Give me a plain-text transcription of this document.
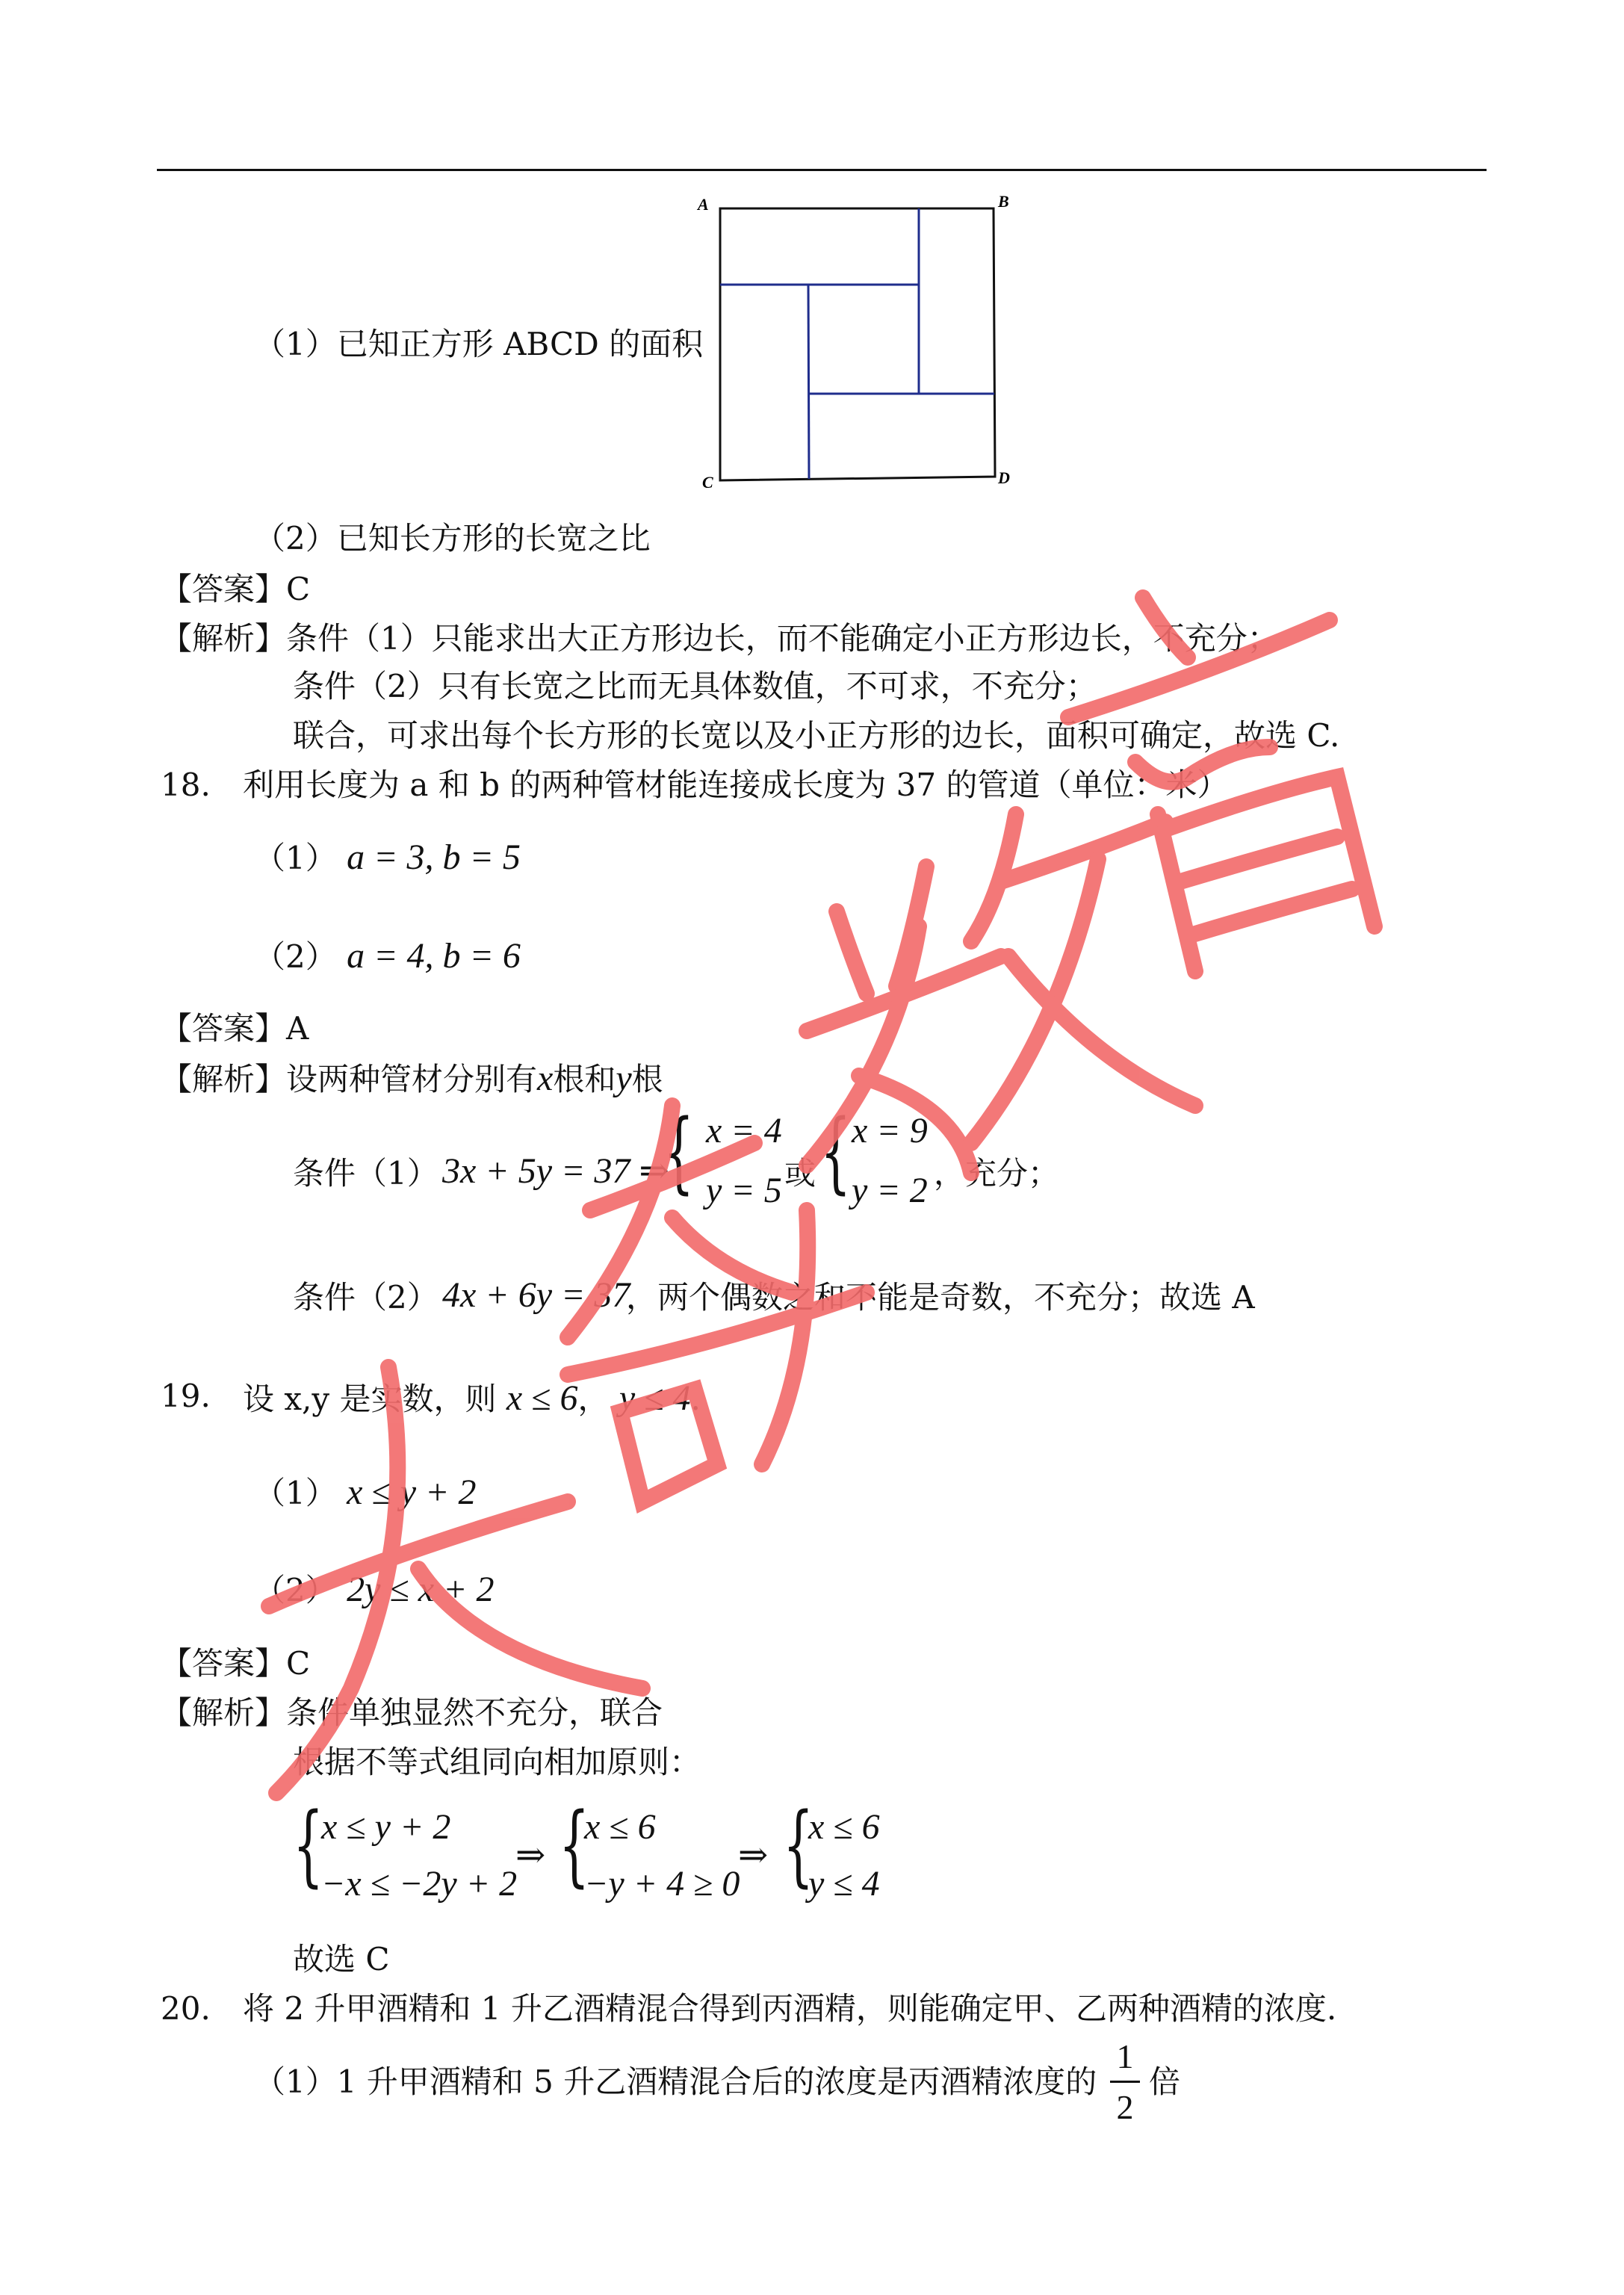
A	B
C	D
（1）已知正方形 ABCD 的面积
（2）已知长方形的长宽之比
【答案】C
【解析】条件（1）只能求出大正方形边长，而不能确定小正方形边长，不充分；
条件（2）只有长宽之比而无具体数值，不可求，不充分；
联合，可求出每个长方形的长宽以及小正方形的边长，面积可确定，故选 C.
18. 利用长度为 a 和 b 的两种管材能连接成长度为 37 的管道（单位：米）
（1） a = 3, b = 5
（2） a = 4, b = 6
【答案】A
【解析】设两种管材分别有x根和y根
条件（1） 3x + 5y = 37 ⇒
{ x = 4
y = 5 或 { x = 9
y = 2 ，充分；
条件（2） 4x + 6y = 37
，两个偶数之和不能是奇数，不充分；故选 A
19. 设 x,y 是实数，则 x ≤ 6， y ≤ 4.
（1） x ≤ y + 2
（2） 2y ≤ x + 2
【答案】C
【解析】条件单独显然不充分，联合
根据不等式组同向相加原则：
{
x ≤ y + 2
−x ≤ −2y + 2
⇒ {
x ≤ 6
−y + 4 ≥ 0
⇒ {
x ≤ 6
y ≤ 4
故选 C
20. 将 2 升甲酒精和 1 升乙酒精混合得到丙酒精，则能确定甲、乙两种酒精的浓度.
（1）1 升甲酒精和 5 升乙酒精混合后的浓度是丙酒精浓度的
1
2
倍
